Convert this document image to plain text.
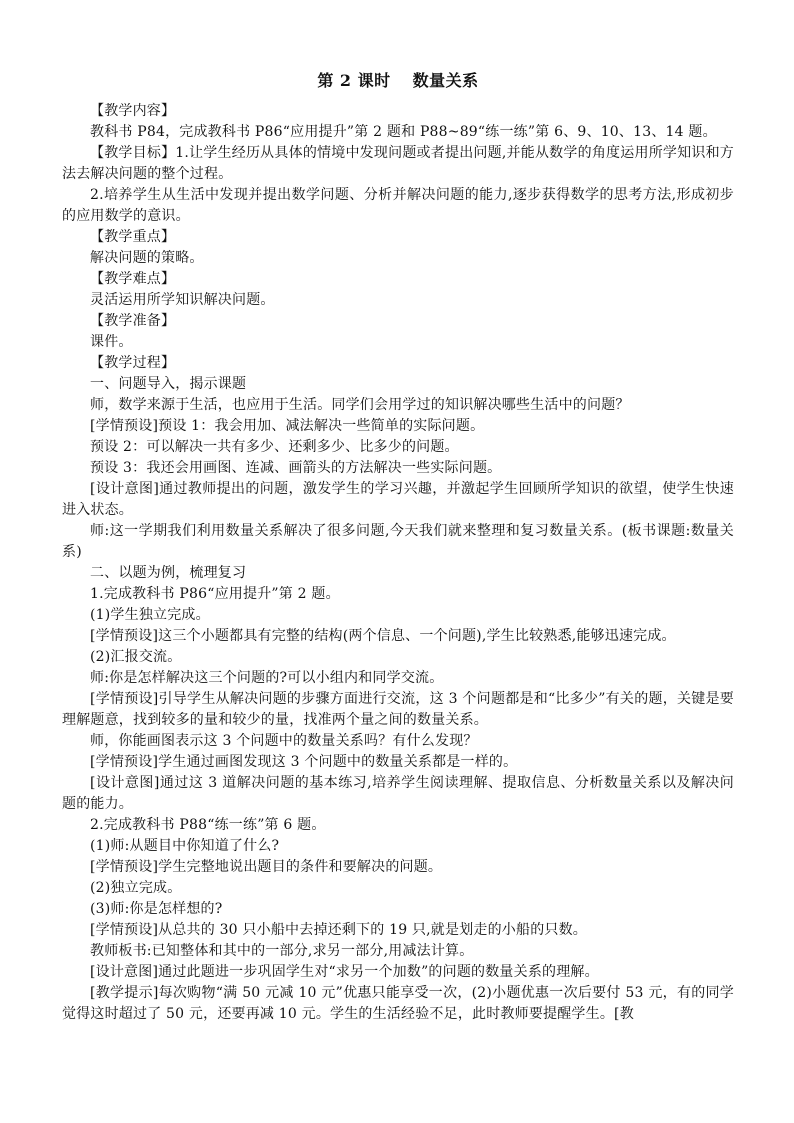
第 2 课时 数量关系

【教学内容】

教科书 P84，完成教科书 P86“应用提升”第 2 题和 P88~89“练一练”第 6、9、10、13、14 题。

【教学目标】1.让学生经历从具体的情境中发现问题或者提出问题,并能从数学的角度运用所学知识和方法去解决问题的整个过程。

2.培养学生从生活中发现并提出数学问题、分析并解决问题的能力,逐步获得数学的思考方法,形成初步的应用数学的意识。

【教学重点】

解决问题的策略。

【教学难点】

灵活运用所学知识解决问题。

【教学准备】

课件。

【教学过程】

一、问题导入，揭示课题

师，数学来源于生活，也应用于生活。同学们会用学过的知识解决哪些生活中的问题？

[学情预设]预设 1：我会用加、减法解决一些简单的实际问题。

预设 2：可以解决一共有多少、还剩多少、比多少的问题。

预设 3：我还会用画图、连减、画箭头的方法解决一些实际问题。

[设计意图]通过教师提出的问题，激发学生的学习兴趣，并激起学生回顾所学知识的欲望，使学生快速进入状态。

师:这一学期我们利用数量关系解决了很多问题,今天我们就来整理和复习数量关系。(板书课题:数量关系)

二、以题为例，梳理复习

1.完成教科书 P86“应用提升”第 2 题。

(1)学生独立完成。

[学情预设]这三个小题都具有完整的结构(两个信息、一个问题),学生比较熟悉,能够迅速完成。

(2)汇报交流。

师:你是怎样解决这三个问题的?可以小组内和同学交流。

[学情预设]引导学生从解决问题的步骤方面进行交流，这 3 个问题都是和“比多少”有关的题，关键是要理解题意，找到较多的量和较少的量，找准两个量之间的数量关系。

师，你能画图表示这 3 个问题中的数量关系吗？有什么发现？

[学情预设]学生通过画图发现这 3 个问题中的数量关系都是一样的。

[设计意图]通过这 3 道解决问题的基本练习,培养学生阅读理解、提取信息、分析数量关系以及解决问题的能力。

2.完成教科书 P88“练一练”第 6 题。

(1)师:从题目中你知道了什么?

[学情预设]学生完整地说出题目的条件和要解决的问题。

(2)独立完成。

(3)师:你是怎样想的?

[学情预设]从总共的 30 只小船中去掉还剩下的 19 只,就是划走的小船的只数。

教师板书:已知整体和其中的一部分,求另一部分,用减法计算。

[设计意图]通过此题进一步巩固学生对“求另一个加数”的问题的数量关系的理解。

[教学提示]每次购物“满 50 元减 10 元”优惠只能享受一次，(2)小题优惠一次后要付 53 元，有的同学觉得这时超过了 50 元，还要再减 10 元。学生的生活经验不足，此时教师要提醒学生。[教
